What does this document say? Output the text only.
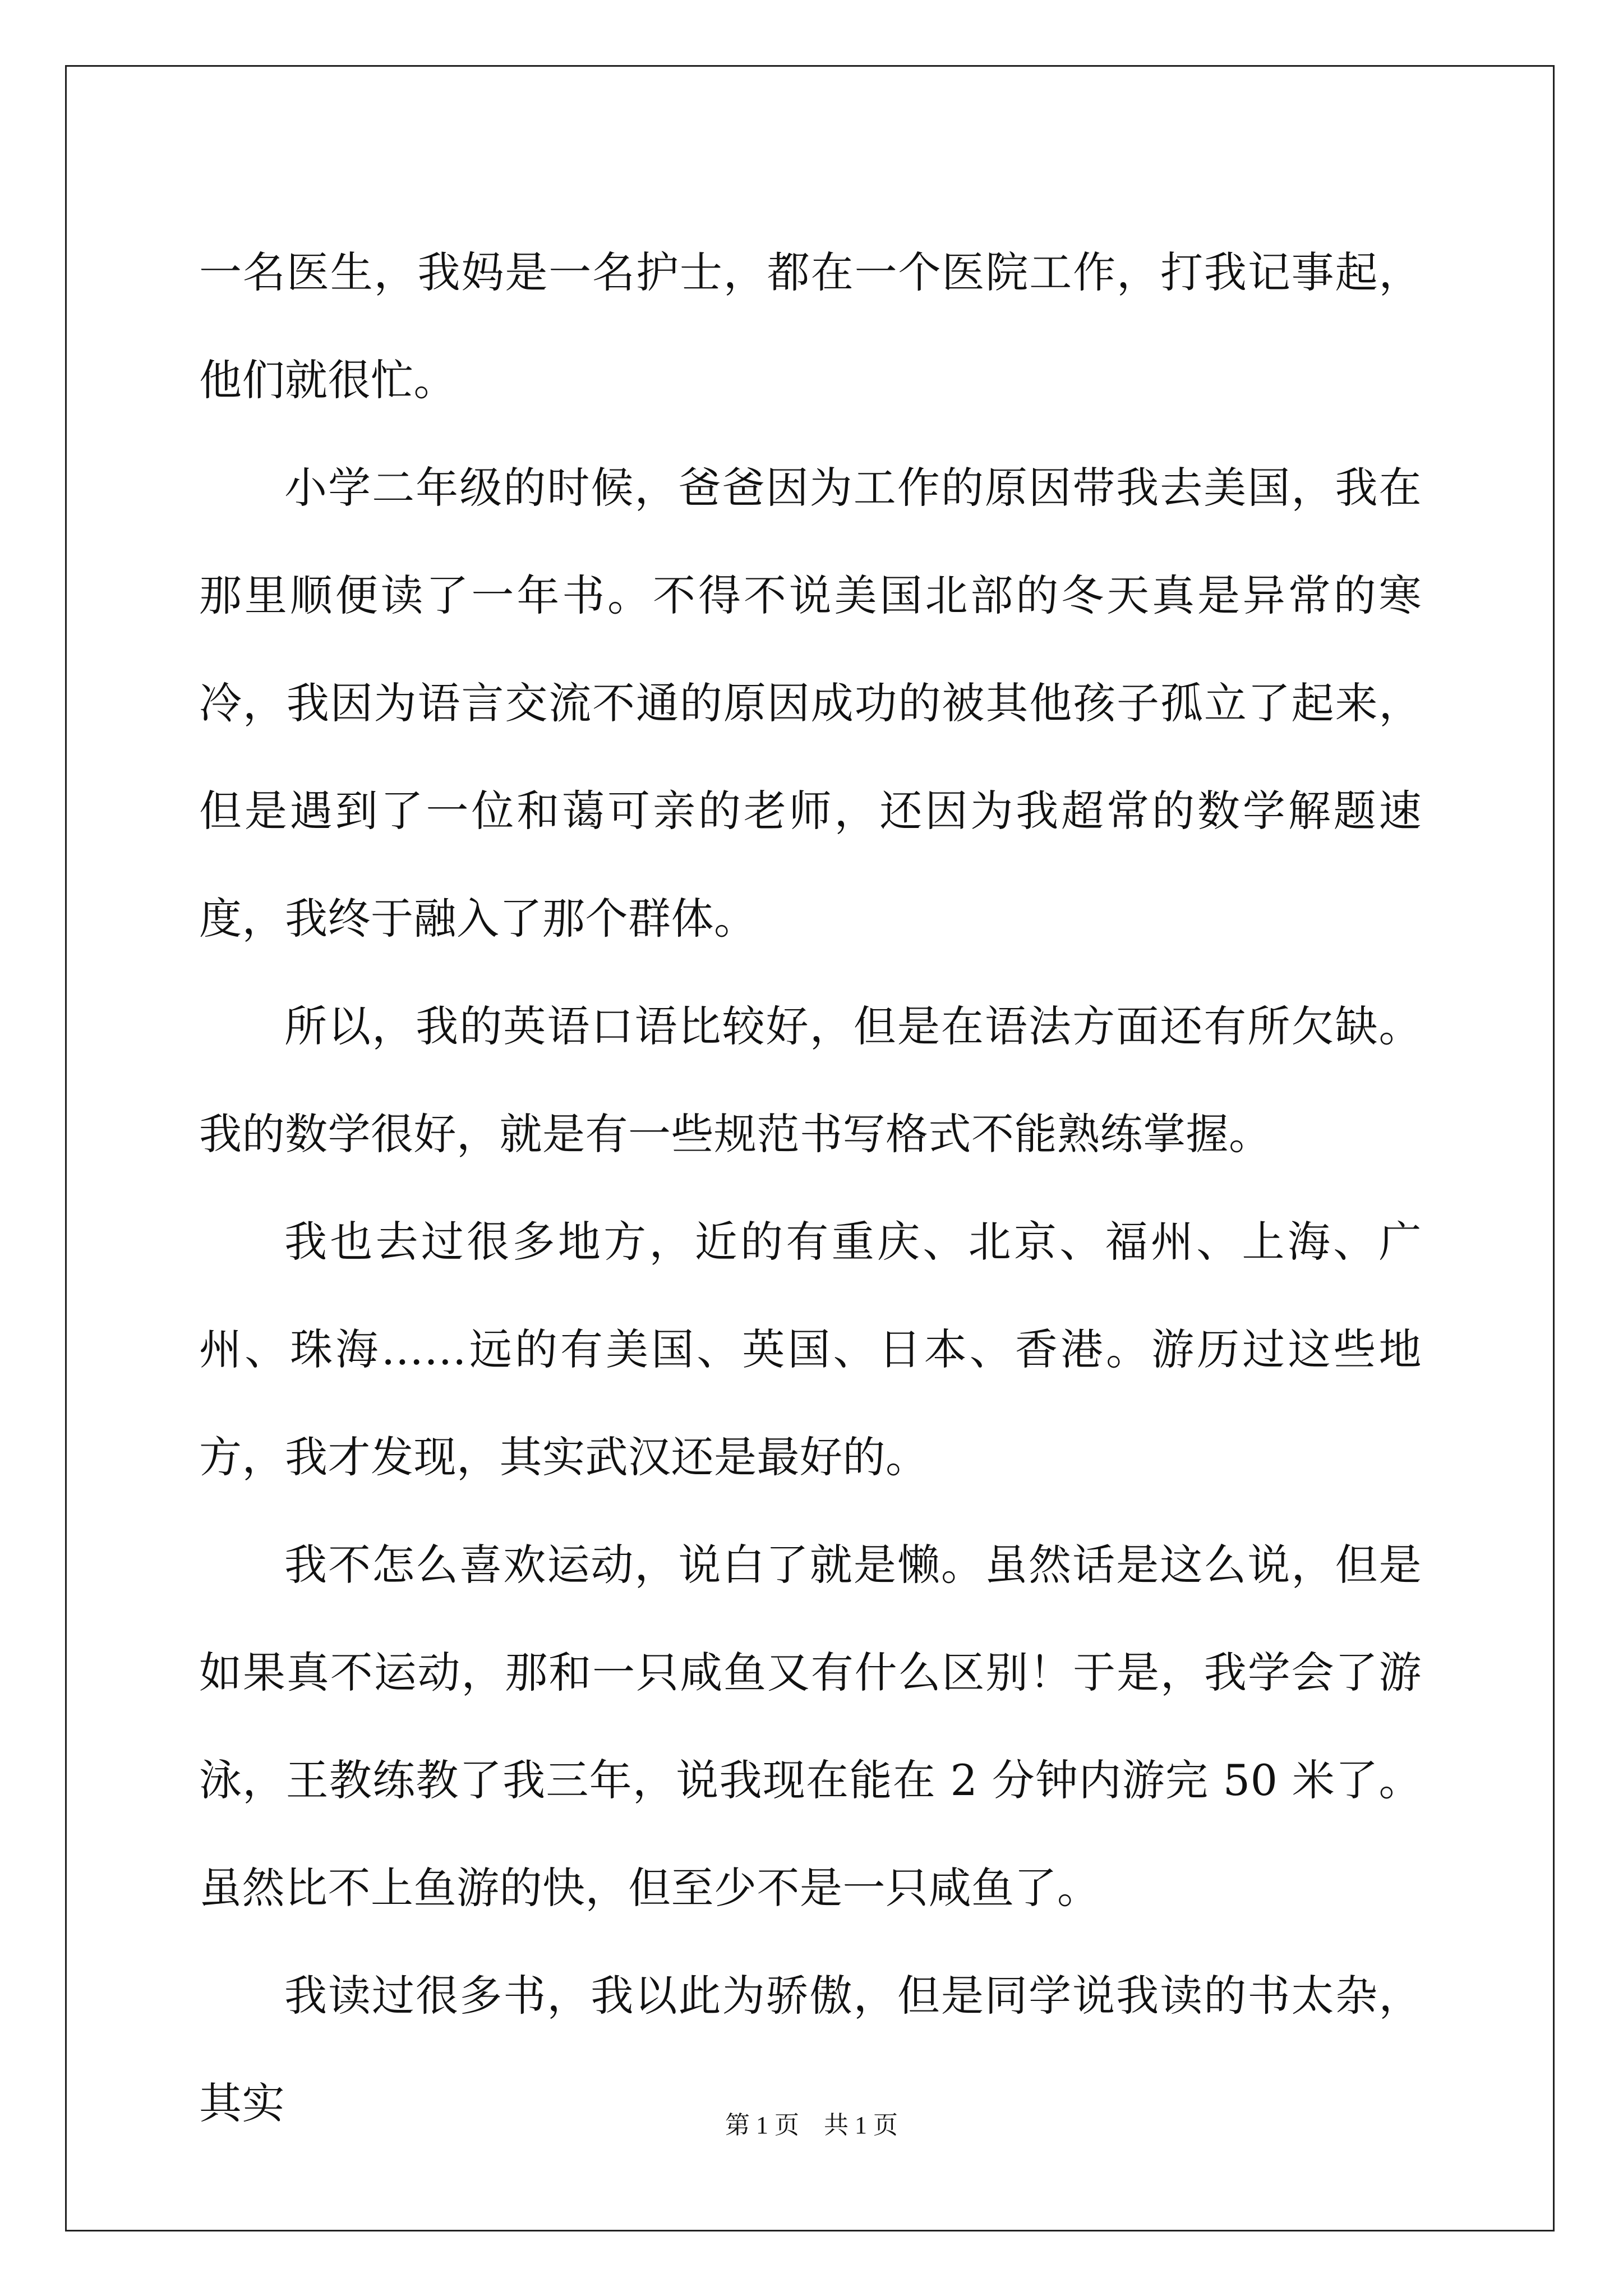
一名医生，我妈是一名护士，都在一个医院工作，打我记事起，他们就很忙。

小学二年级的时候，爸爸因为工作的原因带我去美国，我在那里顺便读了一年书。不得不说美国北部的冬天真是异常的寒冷，我因为语言交流不通的原因成功的被其他孩子孤立了起来，但是遇到了一位和蔼可亲的老师，还因为我超常的数学解题速度，我终于融入了那个群体。

所以，我的英语口语比较好，但是在语法方面还有所欠缺。我的数学很好，就是有一些规范书写格式不能熟练掌握。

我也去过很多地方，近的有重庆、北京、福州、上海、广州、珠海……远的有美国、英国、日本、香港。游历过这些地方，我才发现，其实武汉还是最好的。

我不怎么喜欢运动，说白了就是懒。虽然话是这么说，但是如果真不运动，那和一只咸鱼又有什么区别！于是，我学会了游泳，王教练教了我三年，说我现在能在 2 分钟内游完 50 米了。虽然比不上鱼游的快，但至少不是一只咸鱼了。

我读过很多书，我以此为骄傲，但是同学说我读的书太杂，其实	第 1 页　共 1 页
